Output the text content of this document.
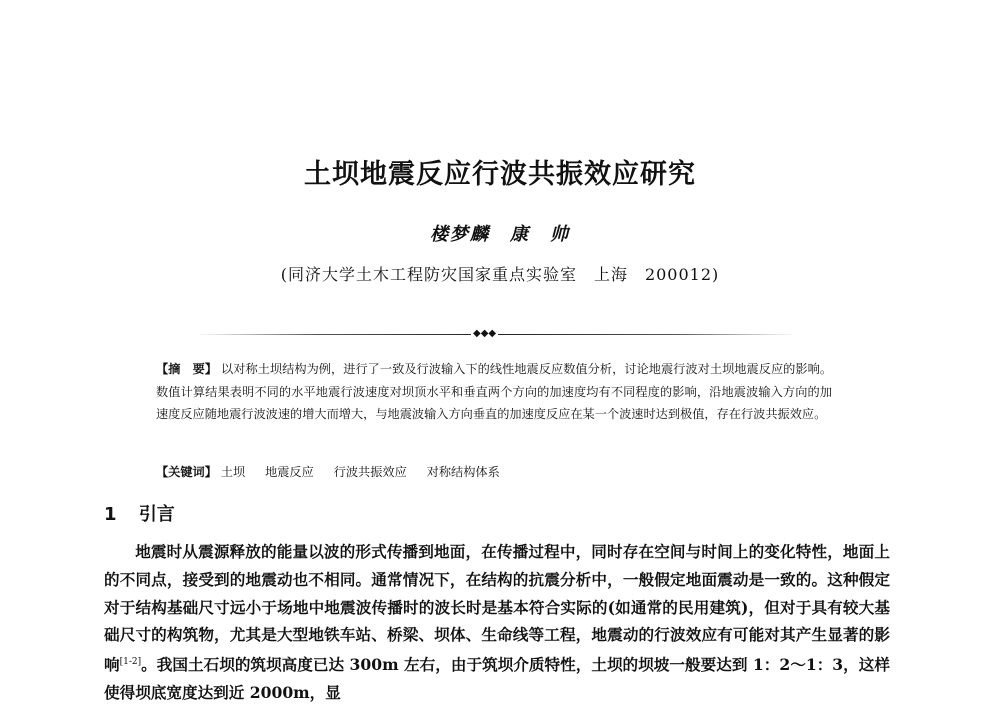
土坝地震反应行波共振效应研究
楼梦麟　康　帅
(同济大学土木工程防灾国家重点实验室　上海　200012)
◆◆◆
【摘　要】 以对称土坝结构为例，进行了一致及行波输入下的线性地震反应数值分析，讨论地震行波对土坝地震反应的影响。数值计算结果表明不同的水平地震行波速度对坝顶水平和垂直两个方向的加速度均有不同程度的影响，沿地震波输入方向的加速度反应随地震行波波速的增大而增大，与地震波输入方向垂直的加速度反应在某一个波速时达到极值，存在行波共振效应。
【关键词】 土坝 地震反应 行波共振效应 对称结构体系
1 引言
地震时从震源释放的能量以波的形式传播到地面，在传播过程中，同时存在空间与时间上的变化特性，地面上的不同点，接受到的地震动也不相同。通常情况下，在结构的抗震分析中，一般假定地面震动是一致的。这种假定对于结构基础尺寸远小于场地中地震波传播时的波长时是基本符合实际的(如通常的民用建筑)，但对于具有较大基础尺寸的构筑物，尤其是大型地铁车站、桥梁、坝体、生命线等工程，地震动的行波效应有可能对其产生显著的影响[1-2]。我国土石坝的筑坝高度已达 300m 左右，由于筑坝介质特性，土坝的坝坡一般要达到 1：2～1：3，这样使得坝底宽度达到近 2000m，显
